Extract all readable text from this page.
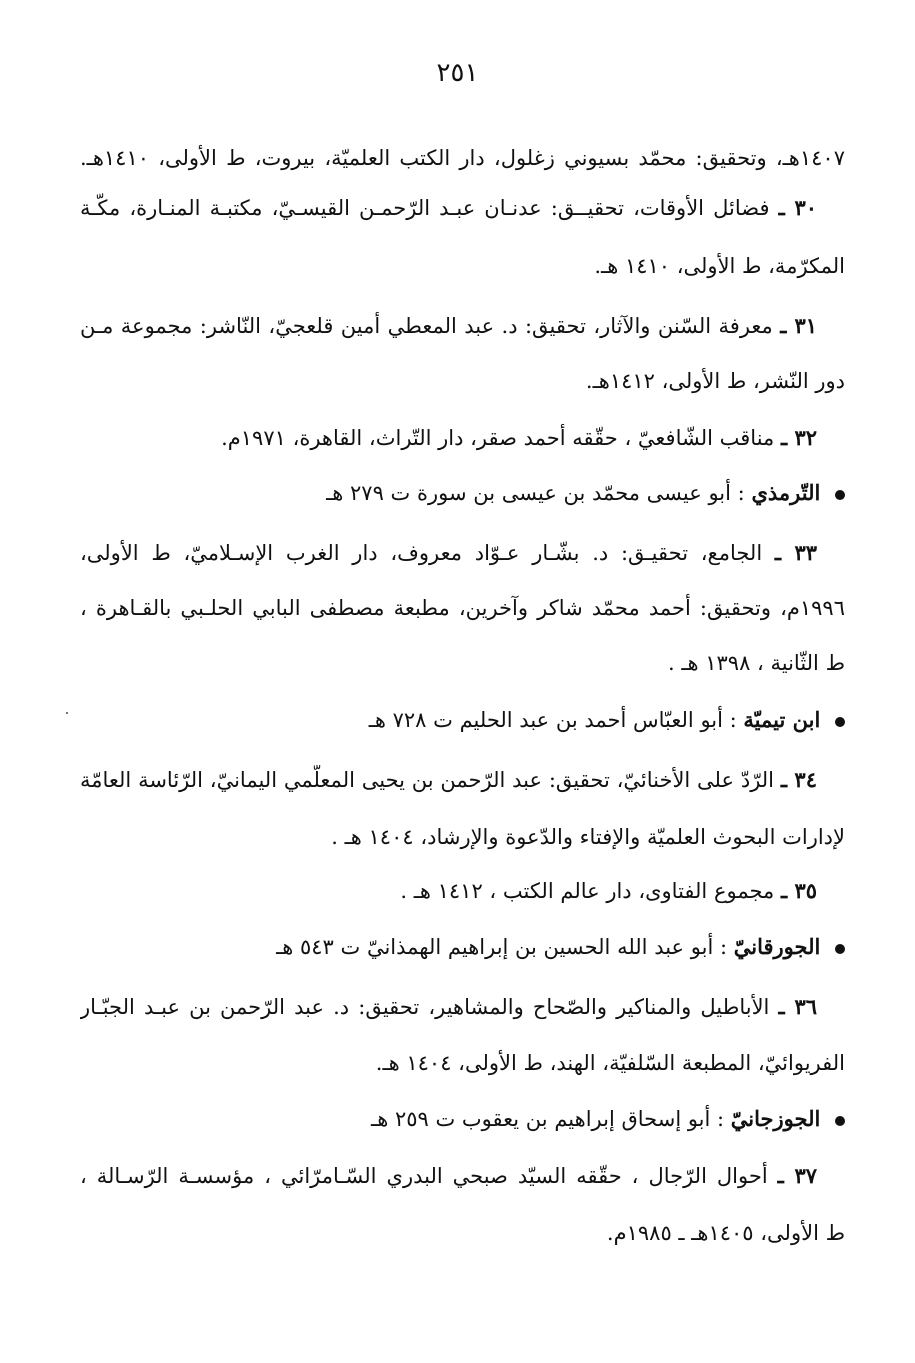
٢٥١
١٤٠٧هـ، وتحقيق: محمّد بسيوني زغلول، دار الكتب العلميّة، بيروت، ط الأولى، ١٤١٠هـ.
٣٠ ـ فضائل الأوقات، تحقيــق: عدنـان عبـد الرّحمـن القيسـيّ، مكتبـة المنـارة، مكّـة
المكرّمة، ط الأولى، ١٤١٠ هـ.
٣١ ـ معرفة السّنن والآثار، تحقيق: د. عبد المعطي أمين قلعجيّ، النّاشر: مجموعة مـن
دور النّشر، ط الأولى، ١٤١٢هـ.
٣٢ ـ مناقب الشّافعيّ ، حقّقه أحمد صقر، دار التّراث، القاهرة، ١٩٧١م.
التّرمذي : أبو عيسى محمّد بن عيسى بن سورة ت ٢٧٩ هـ
٣٣ ـ الجامع، تحقيـق: د. بشّـار عـوّاد معروف، دار الغرب الإسـلاميّ، ط الأولى،
١٩٩٦م، وتحقيق: أحمد محمّد شاكر وآخرين، مطبعة مصطفى البابي الحلـبي بالقـاهرة ،
ط الثّانية ، ١٣٩٨ هـ .
ابن تيميّة : أبو العبّاس أحمد بن عبد الحليم ت ٧٢٨ هـ
٣٤ ـ الرّدّ على الأخنائيّ، تحقيق: عبد الرّحمن بن يحيى المعلّمي اليمانيّ، الرّئاسة العامّة
لإدارات البحوث العلميّة والإفتاء والدّعوة والإرشاد، ١٤٠٤ هـ .
٣٥ ـ مجموع الفتاوى، دار عالم الكتب ، ١٤١٢ هـ .
الجورقانيّ : أبو عبد الله الحسين بن إبراهيم الهمذانيّ ت ٥٤٣ هـ
٣٦ ـ الأباطيل والمناكير والصّحاح والمشاهير، تحقيق: د. عبد الرّحمن بن عبـد الجبّـار
الفريوائيّ، المطبعة السّلفيّة، الهند، ط الأولى، ١٤٠٤ هـ.
الجوزجانيّ : أبو إسحاق إبراهيم بن يعقوب ت ٢٥٩ هـ
٣٧ ـ أحوال الرّجال ، حقّقه السيّد صبحي البدري السّـامرّائي ، مؤسسـة الرّسـالة ،
ط الأولى، ١٤٠٥هـ ـ ١٩٨٥م.
